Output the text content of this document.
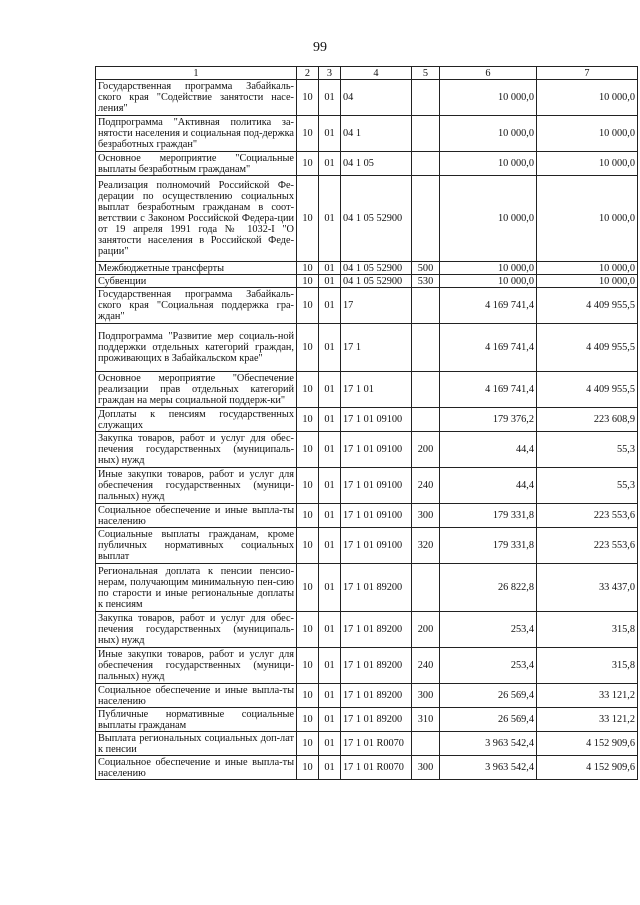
99
1	2	3	4	5	6	7
Государственная программа Забайкаль-ского края "Содействие занятости насе-ления"	10	01	04		10 000,0	10 000,0
Подпрограмма "Активная политика за-нятости населения и социальная под-держка безработных граждан"	10	01	04 1		10 000,0	10 000,0
Основное мероприятие "Социальные выплаты безработным гражданам"	10	01	04 1 05		10 000,0	10 000,0
Реализация полномочий Российской Фе-дерации по осуществлению социальных выплат безработным гражданам в соот-ветствии с Законом Российской Федера-ции от 19 апреля 1991 года № 1032-I "О занятости населения в Российской Феде-рации"	10	01	04 1 05 52900		10 000,0	10 000,0
Межбюджетные трансферты	10	01	04 1 05 52900	500	10 000,0	10 000,0
Субвенции	10	01	04 1 05 52900	530	10 000,0	10 000,0
Государственная программа Забайкаль-ского края "Социальная поддержка гра-ждан"	10	01	17		4 169 741,4	4 409 955,5
Подпрограмма "Развитие мер социаль-ной поддержки отдельных категорий граждан, проживающих в Забайкальском крае"	10	01	17 1		4 169 741,4	4 409 955,5
Основное мероприятие "Обеспечение реализации прав отдельных категорий граждан на меры социальной поддерж-ки"	10	01	17 1 01		4 169 741,4	4 409 955,5
Доплаты к пенсиям государственных служащих	10	01	17 1 01 09100		179 376,2	223 608,9
Закупка товаров, работ и услуг для обес-печения государственных (муниципаль-ных) нужд	10	01	17 1 01 09100	200	44,4	55,3
Иные закупки товаров, работ и услуг для обеспечения государственных (муници-пальных) нужд	10	01	17 1 01 09100	240	44,4	55,3
Социальное обеспечение и иные выпла-ты населению	10	01	17 1 01 09100	300	179 331,8	223 553,6
Социальные выплаты гражданам, кроме публичных нормативных социальных выплат	10	01	17 1 01 09100	320	179 331,8	223 553,6
Региональная доплата к пенсии пенсио-нерам, получающим минимальную пен-сию по старости и иные региональные доплаты к пенсиям	10	01	17 1 01 89200		26 822,8	33 437,0
Закупка товаров, работ и услуг для обес-печения государственных (муниципаль-ных) нужд	10	01	17 1 01 89200	200	253,4	315,8
Иные закупки товаров, работ и услуг для обеспечения государственных (муници-пальных) нужд	10	01	17 1 01 89200	240	253,4	315,8
Социальное обеспечение и иные выпла-ты населению	10	01	17 1 01 89200	300	26 569,4	33 121,2
Публичные нормативные социальные выплаты гражданам	10	01	17 1 01 89200	310	26 569,4	33 121,2
Выплата региональных социальных доп-лат к пенсии	10	01	17 1 01 R0070		3 963 542,4	4 152 909,6
Социальное обеспечение и иные выпла-ты населению	10	01	17 1 01 R0070	300	3 963 542,4	4 152 909,6
